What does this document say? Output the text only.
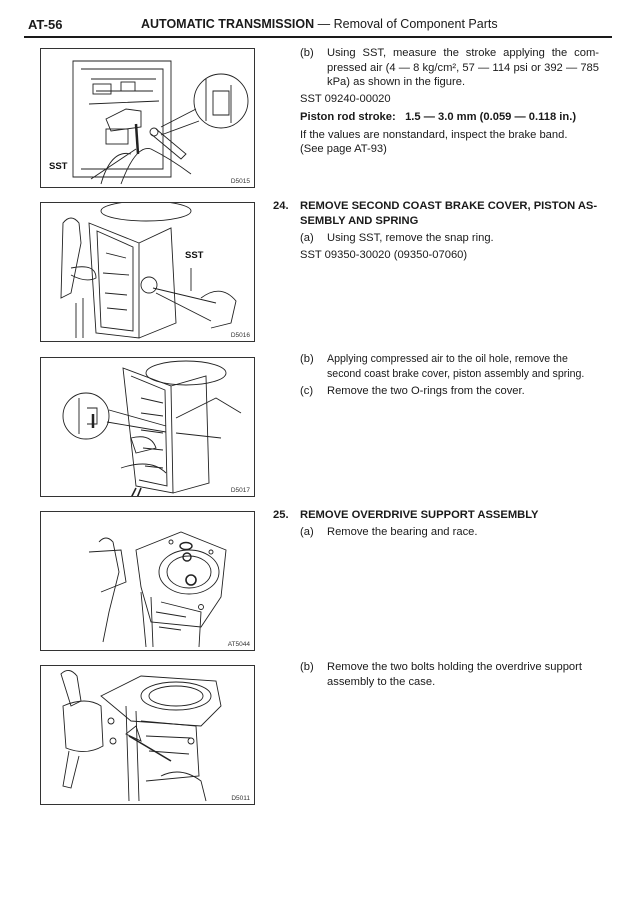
AT-56	AUTOMATIC TRANSMISSION — Removal of Component Parts
SST
D5015
SST
D5016
D5017
AT5044
D5011
(b) Using SST, measure the stroke applying the com-pressed air (4 — 8 kg/cm², 57 — 114 psi or 392 — 785 kPa) as shown in the figure.
SST 09240-00020
Piston rod stroke: 1.5 — 3.0 mm (0.059 — 0.118 in.)
If the values are nonstandard, inspect the brake band.
(See page AT-93)
24. REMOVE SECOND COAST BRAKE COVER, PISTON AS-SEMBLY AND SPRING
(a) Using SST, remove the snap ring.
SST 09350-30020 (09350-07060)
(b) Applying compressed air to the oil hole, remove the second coast brake cover, piston assembly and spring.
(c) Remove the two O-rings from the cover.
25. REMOVE OVERDRIVE SUPPORT ASSEMBLY
(a) Remove the bearing and race.
(b) Remove the two bolts holding the overdrive support assembly to the case.
